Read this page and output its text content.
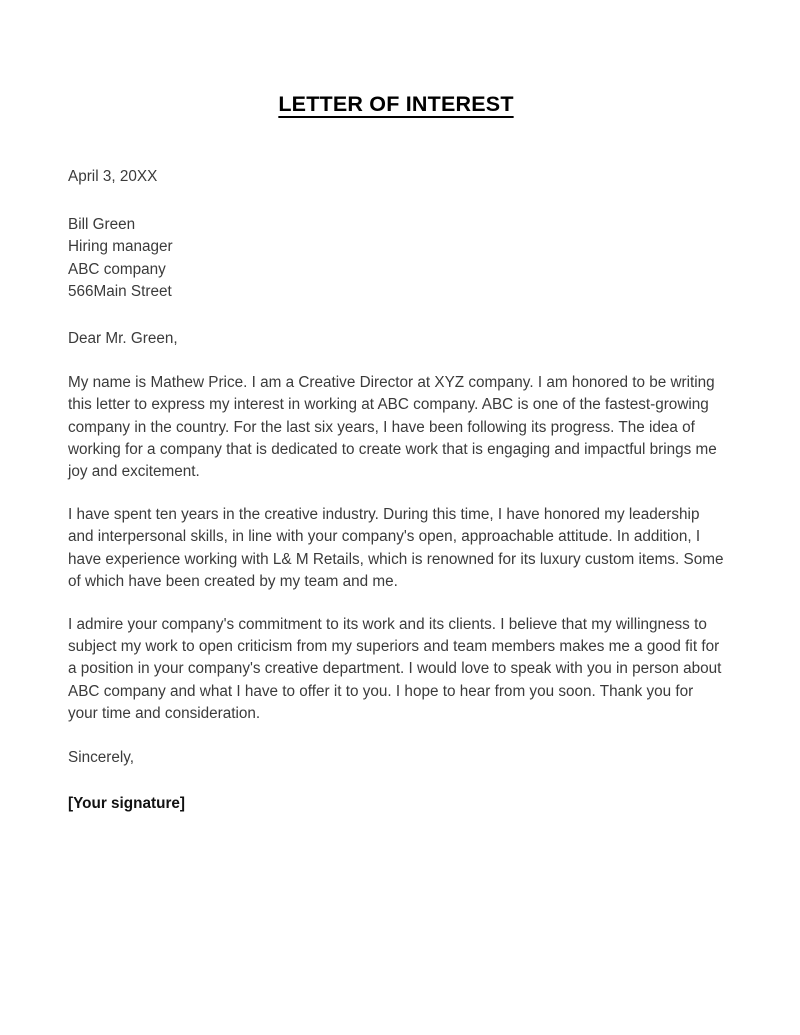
LETTER OF INTEREST
April 3, 20XX
Bill Green
Hiring manager
ABC company
566Main Street
Dear Mr. Green,

My name is Mathew Price. I am a Creative Director at XYZ company. I am honored to be writing this letter to express my interest in working at ABC company. ABC is one of the fastest-growing company in the country. For the last six years, I have been following its progress. The idea of working for a company that is dedicated to create work that is engaging and impactful brings me joy and excitement.

I have spent ten years in the creative industry. During this time, I have honored my leadership and interpersonal skills, in line with your company's open, approachable attitude. In addition, I have experience working with L& M Retails, which is renowned for its luxury custom items. Some of which have been created by my team and me.

I admire your company's commitment to its work and its clients. I believe that my willingness to subject my work to open criticism from my superiors and team members makes me a good fit for a position in your company's creative department. I would love to speak with you in person about ABC company and what I have to offer it to you. I hope to hear from you soon. Thank you for your time and consideration.

Sincerely,
[Your signature]
